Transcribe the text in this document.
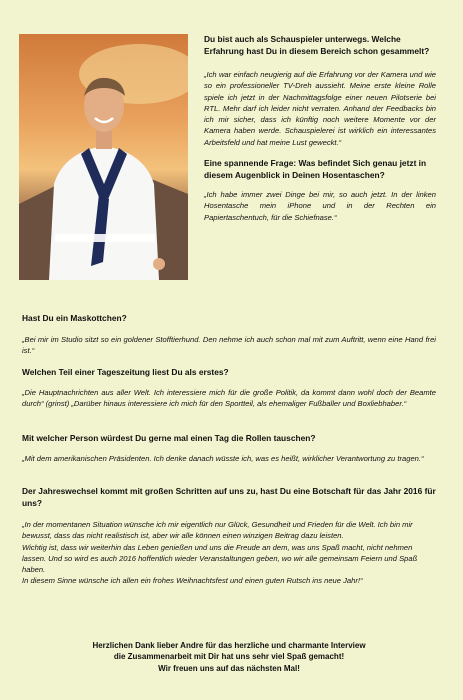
Du bist auch als Schauspieler unterwegs. Welche Erfahrung hast Du in diesem Bereich schon gesammelt?

„Ich war einfach neugierig auf die Erfahrung vor der Kamera und wie so ein professioneller TV-Dreh aussieht. Meine erste kleine Rolle spiele ich jetzt in der Nachmittagsfolge einer neuen Pilotserie bei RTL. Mehr darf ich leider nicht verraten. Anhand der Feedbacks bin ich mir sicher, dass ich künftig noch weitere Momente vor der Kamera haben werde. Schauspielerei ist wirklich ein interessantes Arbeitsfeld und hat meine Lust geweckt.“

Eine spannende Frage: Was befindet Sich genau jetzt in diesem Augenblick in Deinen Hosentaschen?

„Ich habe immer zwei Dinge bei mir, so auch jetzt. In der linken Hosentasche mein iPhone und in der Rechten ein Papiertaschentuch, für die Schiefnase.“

Hast Du ein Maskottchen?

„Bei mir im Studio sitzt so ein goldener Stofftierhund. Den nehme ich auch schon mal mit zum Auftritt, wenn eine Hand frei ist.“

Welchen Teil einer Tageszeitung liest Du als erstes?

„Die Hauptnachrichten aus aller Welt. Ich interessiere mich für die große Politik, da kommt dann wohl doch der Beamte durch“ (grinst) „Darüber hinaus interessiere ich mich für den Sportteil, als ehemaliger Fußballer und Boxliebhaber.“

Mit welcher Person würdest Du gerne mal einen Tag die Rollen tauschen?

„Mit dem amerikanischen Präsidenten. Ich denke danach wüsste ich, was es heißt, wirklicher Verantwortung zu tragen.“

Der Jahreswechsel kommt mit großen Schritten auf uns zu, hast Du eine Botschaft für das Jahr 2016 für uns?

„In der momentanen Situation wünsche ich mir eigentlich nur Glück, Gesundheit und Frieden für die Welt. Ich bin mir bewusst, dass das nicht realistisch ist, aber wir alle können einen winzigen Beitrag dazu leisten.

Wichtig ist, dass wir weiterhin das Leben genießen und uns die Freude an dem, was uns Spaß macht, nicht nehmen lassen. Und so wird es auch 2016 hoffentlich wieder Veranstaltungen geben, wo wir alle gemeinsam Feiern und Spaß haben.

In diesem Sinne wünsche ich allen ein frohes Weihnachtsfest und einen guten Rutsch ins neue Jahr!“

Herzlichen Dank lieber Andre für das herzliche und charmante Interview
die Zusammenarbeit mit Dir hat uns sehr viel Spaß gemacht!
Wir freuen uns auf das nächsten Mal!
